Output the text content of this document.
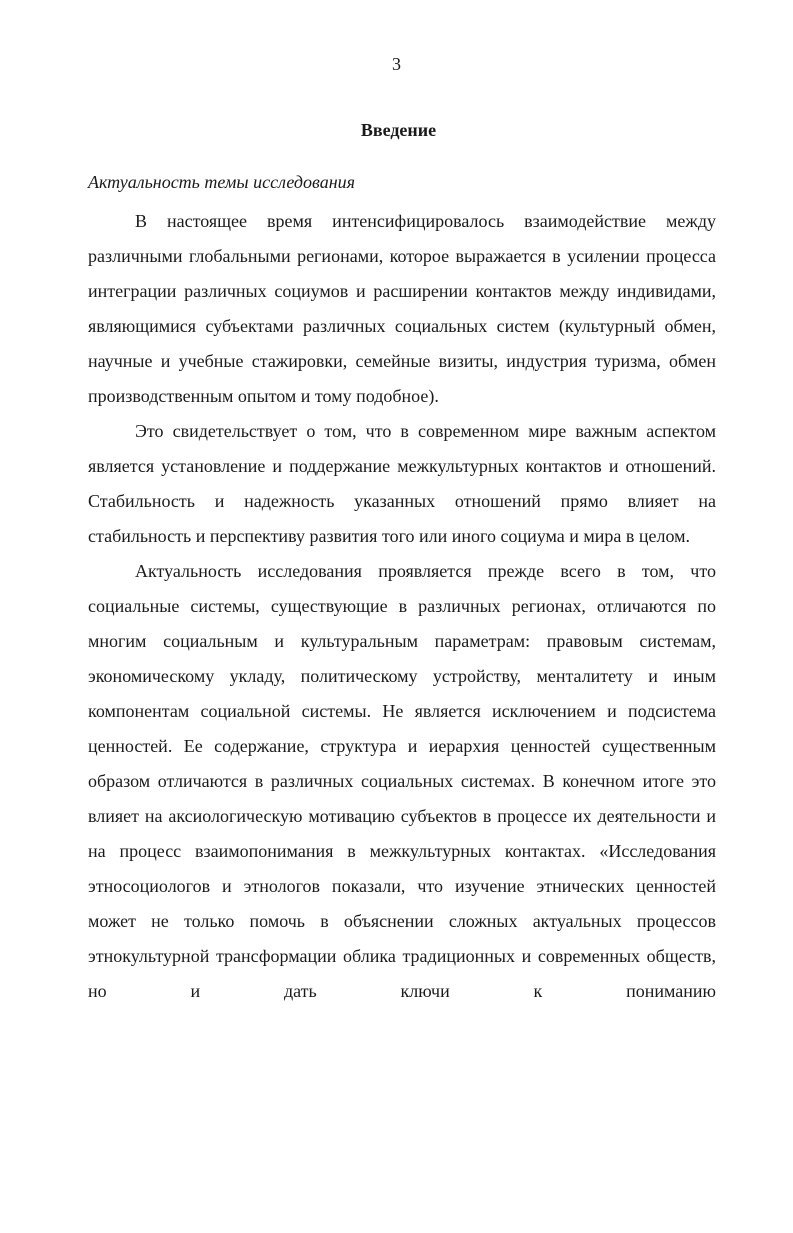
3
Введение
Актуальность темы исследования

В настоящее время интенсифицировалось взаимодействие между различными глобальными регионами, которое выражается в усилении процесса интеграции различных социумов и расширении контактов между индивидами, являющимися субъектами различных социальных систем (культурный обмен, научные и учебные стажировки, семейные визиты, индустрия туризма, обмен производственным опытом и тому подобное).

Это свидетельствует о том, что в современном мире важным аспектом является установление и поддержание межкультурных контактов и отношений. Стабильность и надежность указанных отношений прямо влияет на стабильность и перспективу развития того или иного социума и мира в целом.

Актуальность исследования проявляется прежде всего в том, что социальные системы, существующие в различных регионах, отличаются по многим социальным и культуральным параметрам: правовым системам, экономическому укладу, политическому устройству, менталитету и иным компонентам социальной системы. Не является исключением и подсистема ценностей. Ее содержание, структура и иерархия ценностей существенным образом отличаются в различных социальных системах. В конечном итоге это влияет на аксиологическую мотивацию субъектов в процессе их деятельности и на процесс взаимопонимания в межкультурных контактах. «Исследования этносоциологов и этнологов показали, что изучение этнических ценностей может не только помочь в объяснении сложных актуальных процессов этнокультурной трансформации облика традиционных и современных обществ, но и дать ключи к пониманию
